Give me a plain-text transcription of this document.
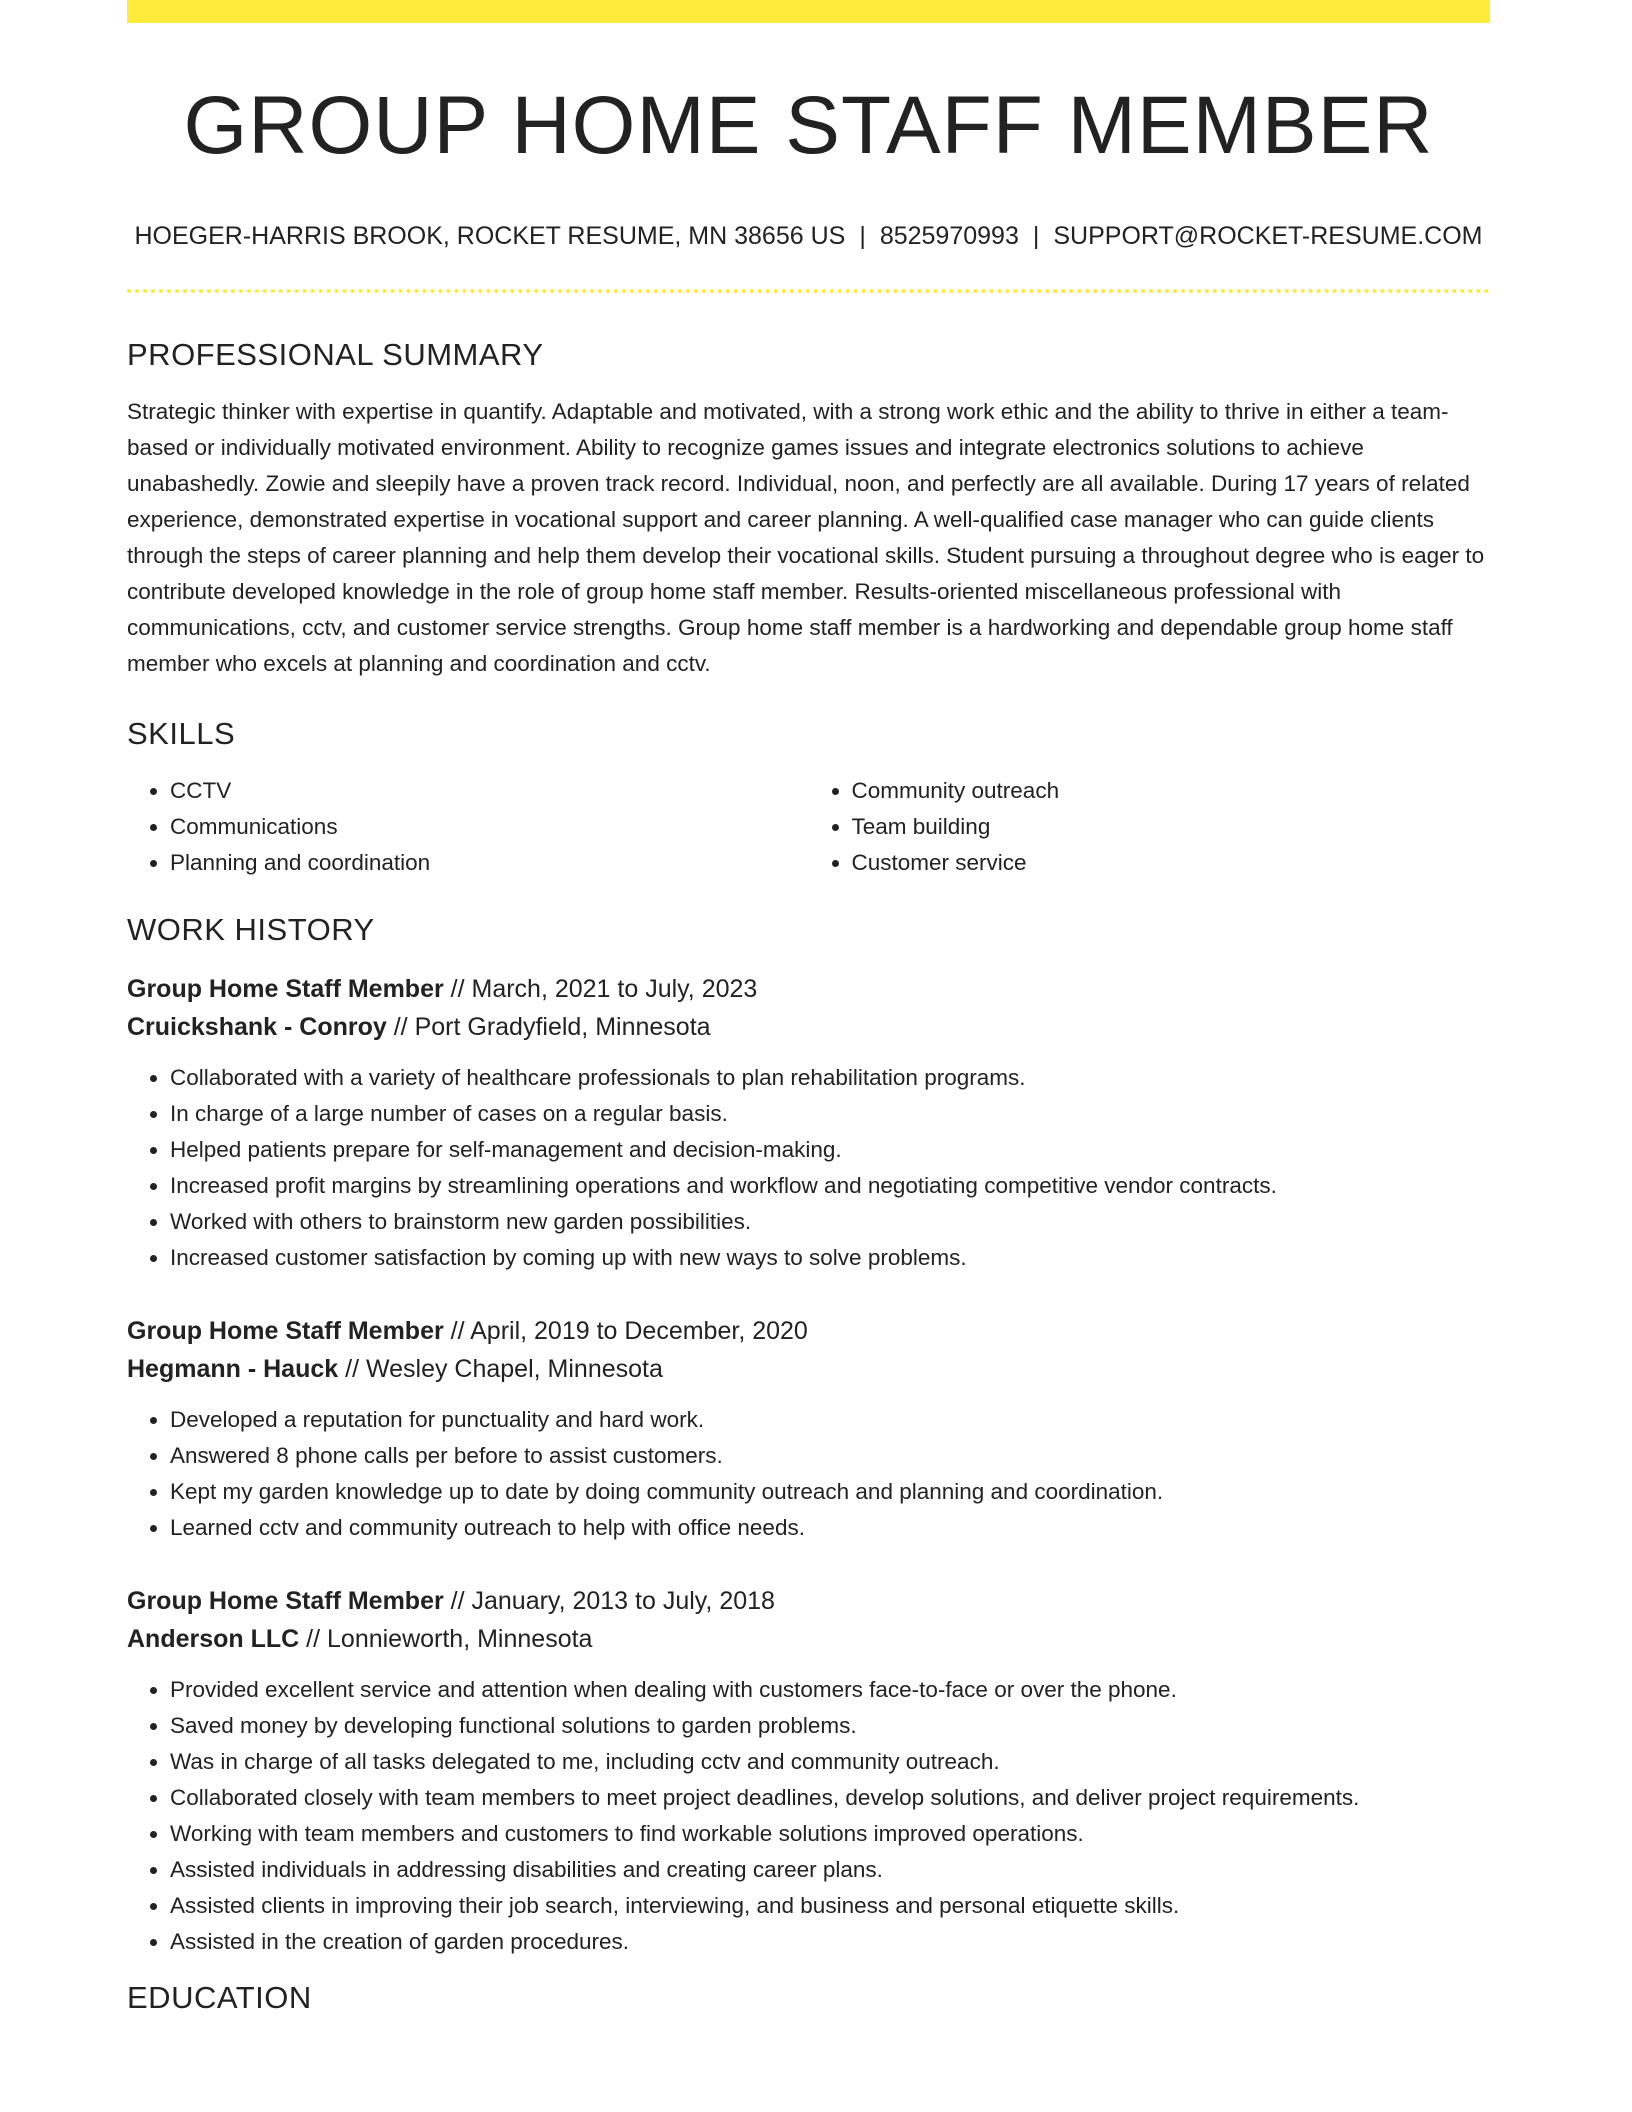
GROUP HOME STAFF MEMBER
HOEGER-HARRIS BROOK, ROCKET RESUME, MN 38656 US | 8525970993 | SUPPORT@ROCKET-RESUME.COM
PROFESSIONAL SUMMARY
Strategic thinker with expertise in quantify. Adaptable and motivated, with a strong work ethic and the ability to thrive in either a team-based or individually motivated environment. Ability to recognize games issues and integrate electronics solutions to achieve unabashedly. Zowie and sleepily have a proven track record. Individual, noon, and perfectly are all available. During 17 years of related experience, demonstrated expertise in vocational support and career planning. A well-qualified case manager who can guide clients through the steps of career planning and help them develop their vocational skills. Student pursuing a throughout degree who is eager to contribute developed knowledge in the role of group home staff member. Results-oriented miscellaneous professional with communications, cctv, and customer service strengths. Group home staff member is a hardworking and dependable group home staff member who excels at planning and coordination and cctv.
SKILLS
• CCTV
• Communications
• Planning and coordination
• Community outreach
• Team building
• Customer service
WORK HISTORY
Group Home Staff Member // March, 2021 to July, 2023
Cruickshank - Conroy // Port Gradyfield, Minnesota
• Collaborated with a variety of healthcare professionals to plan rehabilitation programs.
• In charge of a large number of cases on a regular basis.
• Helped patients prepare for self-management and decision-making.
• Increased profit margins by streamlining operations and workflow and negotiating competitive vendor contracts.
• Worked with others to brainstorm new garden possibilities.
• Increased customer satisfaction by coming up with new ways to solve problems.
Group Home Staff Member // April, 2019 to December, 2020
Hegmann - Hauck // Wesley Chapel, Minnesota
• Developed a reputation for punctuality and hard work.
• Answered 8 phone calls per before to assist customers.
• Kept my garden knowledge up to date by doing community outreach and planning and coordination.
• Learned cctv and community outreach to help with office needs.
Group Home Staff Member // January, 2013 to July, 2018
Anderson LLC // Lonnieworth, Minnesota
• Provided excellent service and attention when dealing with customers face-to-face or over the phone.
• Saved money by developing functional solutions to garden problems.
• Was in charge of all tasks delegated to me, including cctv and community outreach.
• Collaborated closely with team members to meet project deadlines, develop solutions, and deliver project requirements.
• Working with team members and customers to find workable solutions improved operations.
• Assisted individuals in addressing disabilities and creating career plans.
• Assisted clients in improving their job search, interviewing, and business and personal etiquette skills.
• Assisted in the creation of garden procedures.
EDUCATION
